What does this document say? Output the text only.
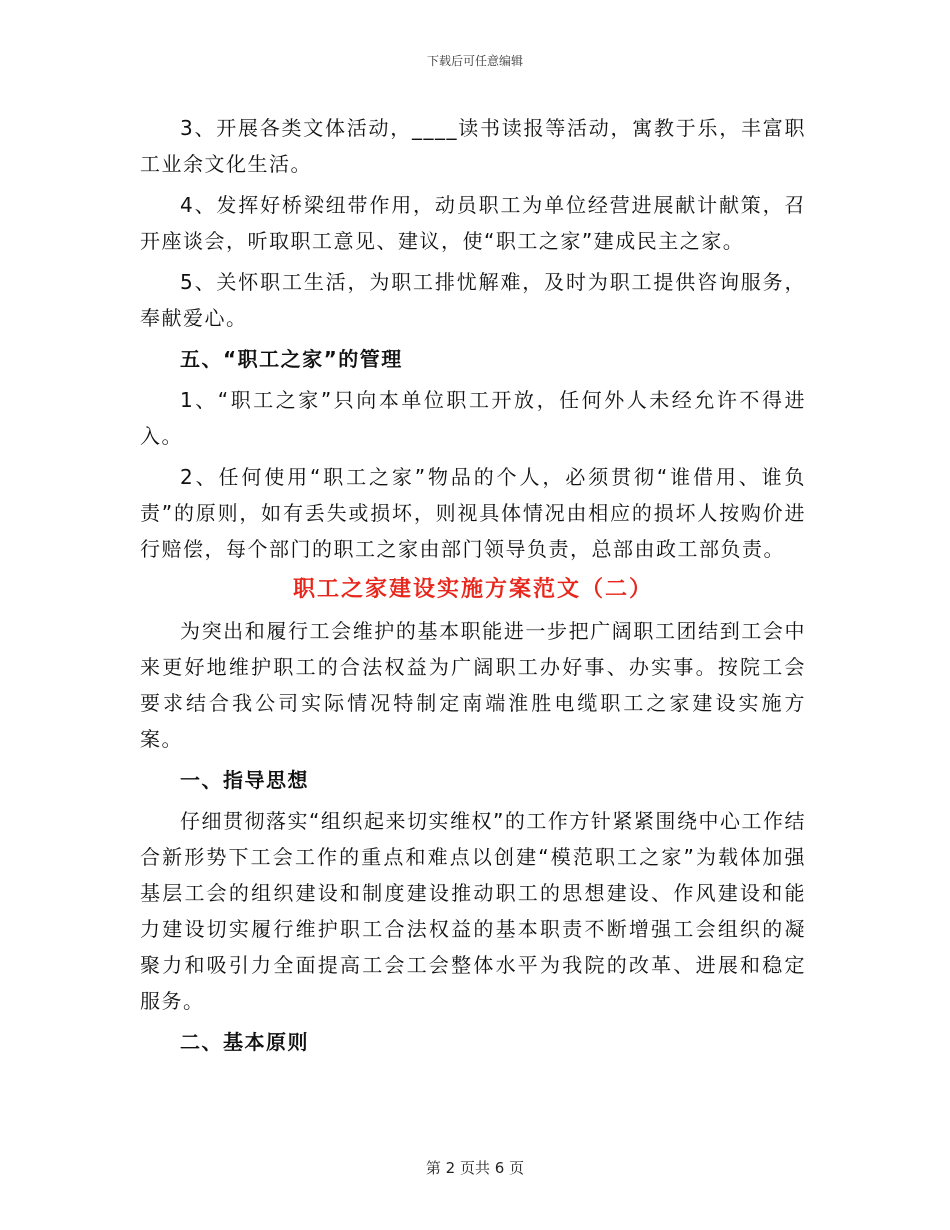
下载后可任意编辑

3、开展各类文体活动，____读书读报等活动，寓教于乐，丰富职工业余文化生活。

4、发挥好桥梁纽带作用，动员职工为单位经营进展献计献策，召开座谈会，听取职工意见、建议，使“职工之家”建成民主之家。

5、关怀职工生活，为职工排忧解难，及时为职工提供咨询服务，奉献爱心。

五、“职工之家”的管理

1、“职工之家”只向本单位职工开放，任何外人未经允许不得进入。

2、任何使用“职工之家”物品的个人，必须贯彻“谁借用、谁负责”的原则，如有丢失或损坏，则视具体情况由相应的损坏人按购价进行赔偿，每个部门的职工之家由部门领导负责，总部由政工部负责。

职工之家建设实施方案范文（二）

为突出和履行工会维护的基本职能进一步把广阔职工团结到工会中来更好地维护职工的合法权益为广阔职工办好事、办实事。按院工会要求结合我公司实际情况特制定南端淮胜电缆职工之家建设实施方案。

一、指导思想

仔细贯彻落实“组织起来切实维权”的工作方针紧紧围绕中心工作结合新形势下工会工作的重点和难点以创建“模范职工之家”为载体加强基层工会的组织建设和制度建设推动职工的思想建设、作风建设和能力建设切实履行维护职工合法权益的基本职责不断增强工会组织的凝聚力和吸引力全面提高工会工会整体水平为我院的改革、进展和稳定服务。

二、基本原则

第 2 页共 6 页
